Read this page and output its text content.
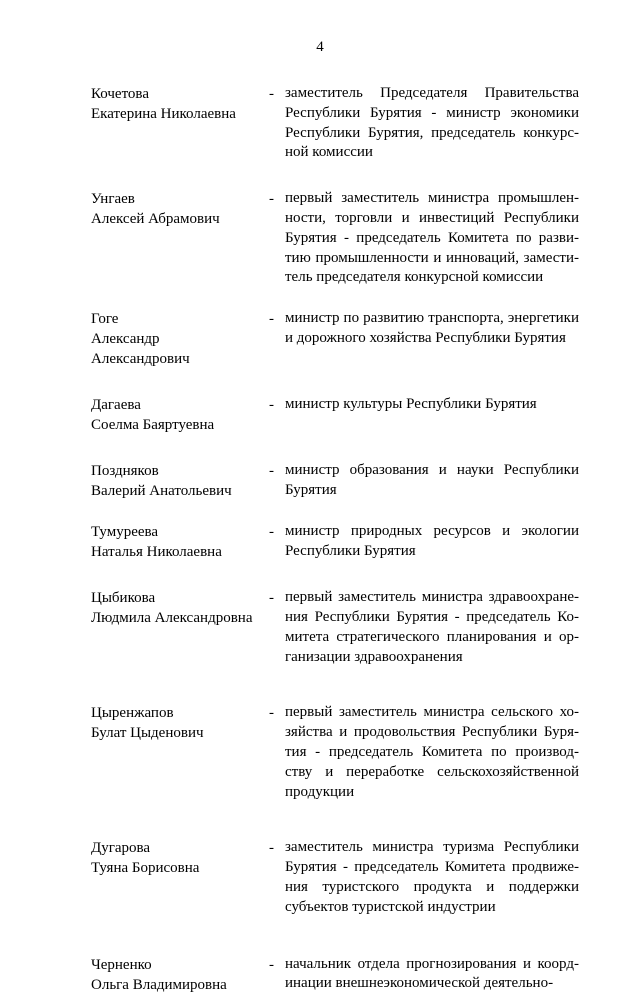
4
Кочетова
Екатерина Николаевна
- заместитель Председателя Правительства
Республики Бурятия - министр экономики
Республики Бурятия, председатель конкурс-
ной комиссии
Унгаев
Алексей Абрамович
- первый заместитель министра промышлен-
ности, торговли и инвестиций Республики
Бурятия - председатель Комитета по разви-
тию промышленности и инноваций, замести-
тель председателя конкурсной комиссии
Гоге
Александр
Александрович
- министр по развитию транспорта, энергетики
и дорожного хозяйства Республики Бурятия
Дагаева
Соелма Баяртуевна
- министр культуры Республики Бурятия
Поздняков
Валерий Анатольевич
- министр образования и науки Республики
Бурятия
Тумуреева
Наталья Николаевна
- министр природных ресурсов и экологии
Республики Бурятия
Цыбикова
Людмила Александровна
- первый заместитель министра здравоохране-
ния Республики Бурятия - председатель Ко-
митета стратегического планирования и ор-
ганизации здравоохранения
Цыренжапов
Булат Цыденович
- первый заместитель министра сельского хо-
зяйства и продовольствия Республики Буря-
тия - председатель Комитета по производ-
ству и переработке сельскохозяйственной
продукции
Дугарова
Туяна Борисовна
- заместитель министра туризма Республики
Бурятия - председатель Комитета продвиже-
ния туристского продукта и поддержки
субъектов туристской индустрии
Черненко
Ольга Владимировна
- начальник отдела прогнозирования и коорд-
инации внешнеэкономической деятельно-
